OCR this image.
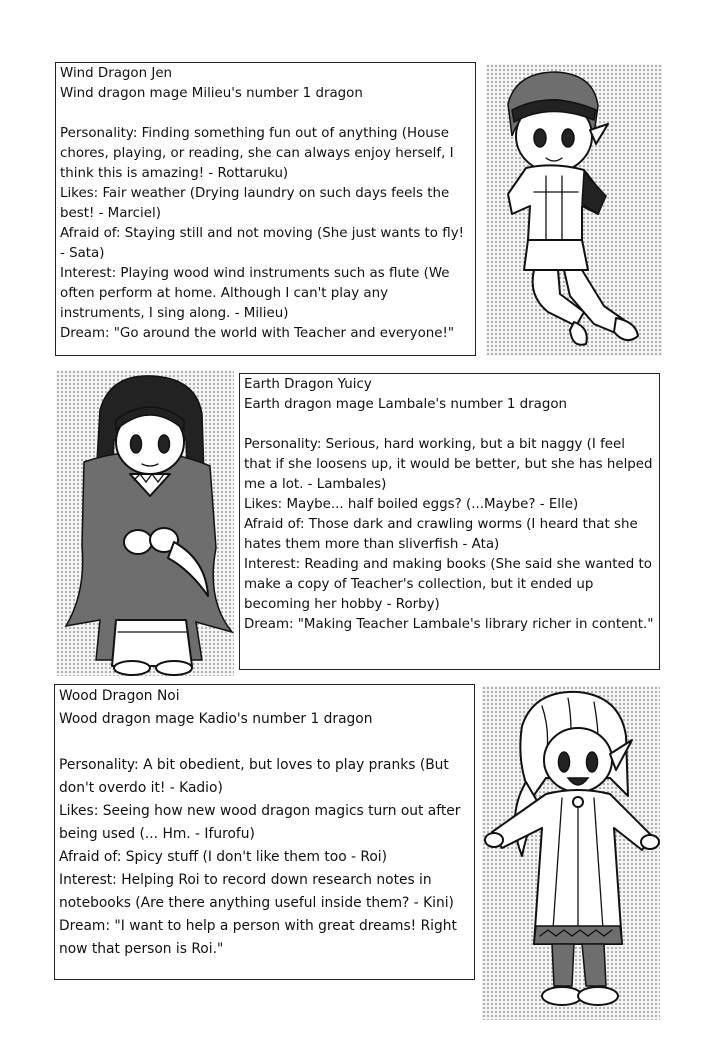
Wind Dragon Jen

Wind dragon mage Milieu's number 1 dragon

Personality: Finding something fun out of anything (House chores, playing, or reading, she can always enjoy herself, I think this is amazing! - Rottaruku)

Likes: Fair weather (Drying laundry on such days feels the best! - Marciel)

Afraid of: Staying still and not moving (She just wants to fly! - Sata)

Interest: Playing wood wind instruments such as flute (We often perform at home. Although I can't play any instruments, I sing along. - Milieu)

Dream: "Go around the world with Teacher and everyone!"

Earth Dragon Yuicy

Earth dragon mage Lambale's number 1 dragon

Personality: Serious, hard working, but a bit naggy (I feel that if she loosens up, it would be better, but she has helped me a lot. - Lambales)

Likes: Maybe... half boiled eggs? (...Maybe? - Elle)

Afraid of: Those dark and crawling worms (I heard that she hates them more than sliverfish - Ata)

Interest: Reading and making books (She said she wanted to make a copy of Teacher's collection, but it ended up becoming her hobby - Rorby)

Dream: "Making Teacher Lambale's library richer in content."

Wood Dragon Noi

Wood dragon mage Kadio's number 1 dragon

Personality: A bit obedient, but loves to play pranks (But don't overdo it! - Kadio)

Likes: Seeing how new wood dragon magics turn out after being used (... Hm. - Ifurofu)

Afraid of: Spicy stuff (I don't like them too - Roi)

Interest: Helping Roi to record down research notes in notebooks (Are there anything useful inside them? - Kini)

Dream: "I want to help a person with great dreams! Right now that person is Roi."
